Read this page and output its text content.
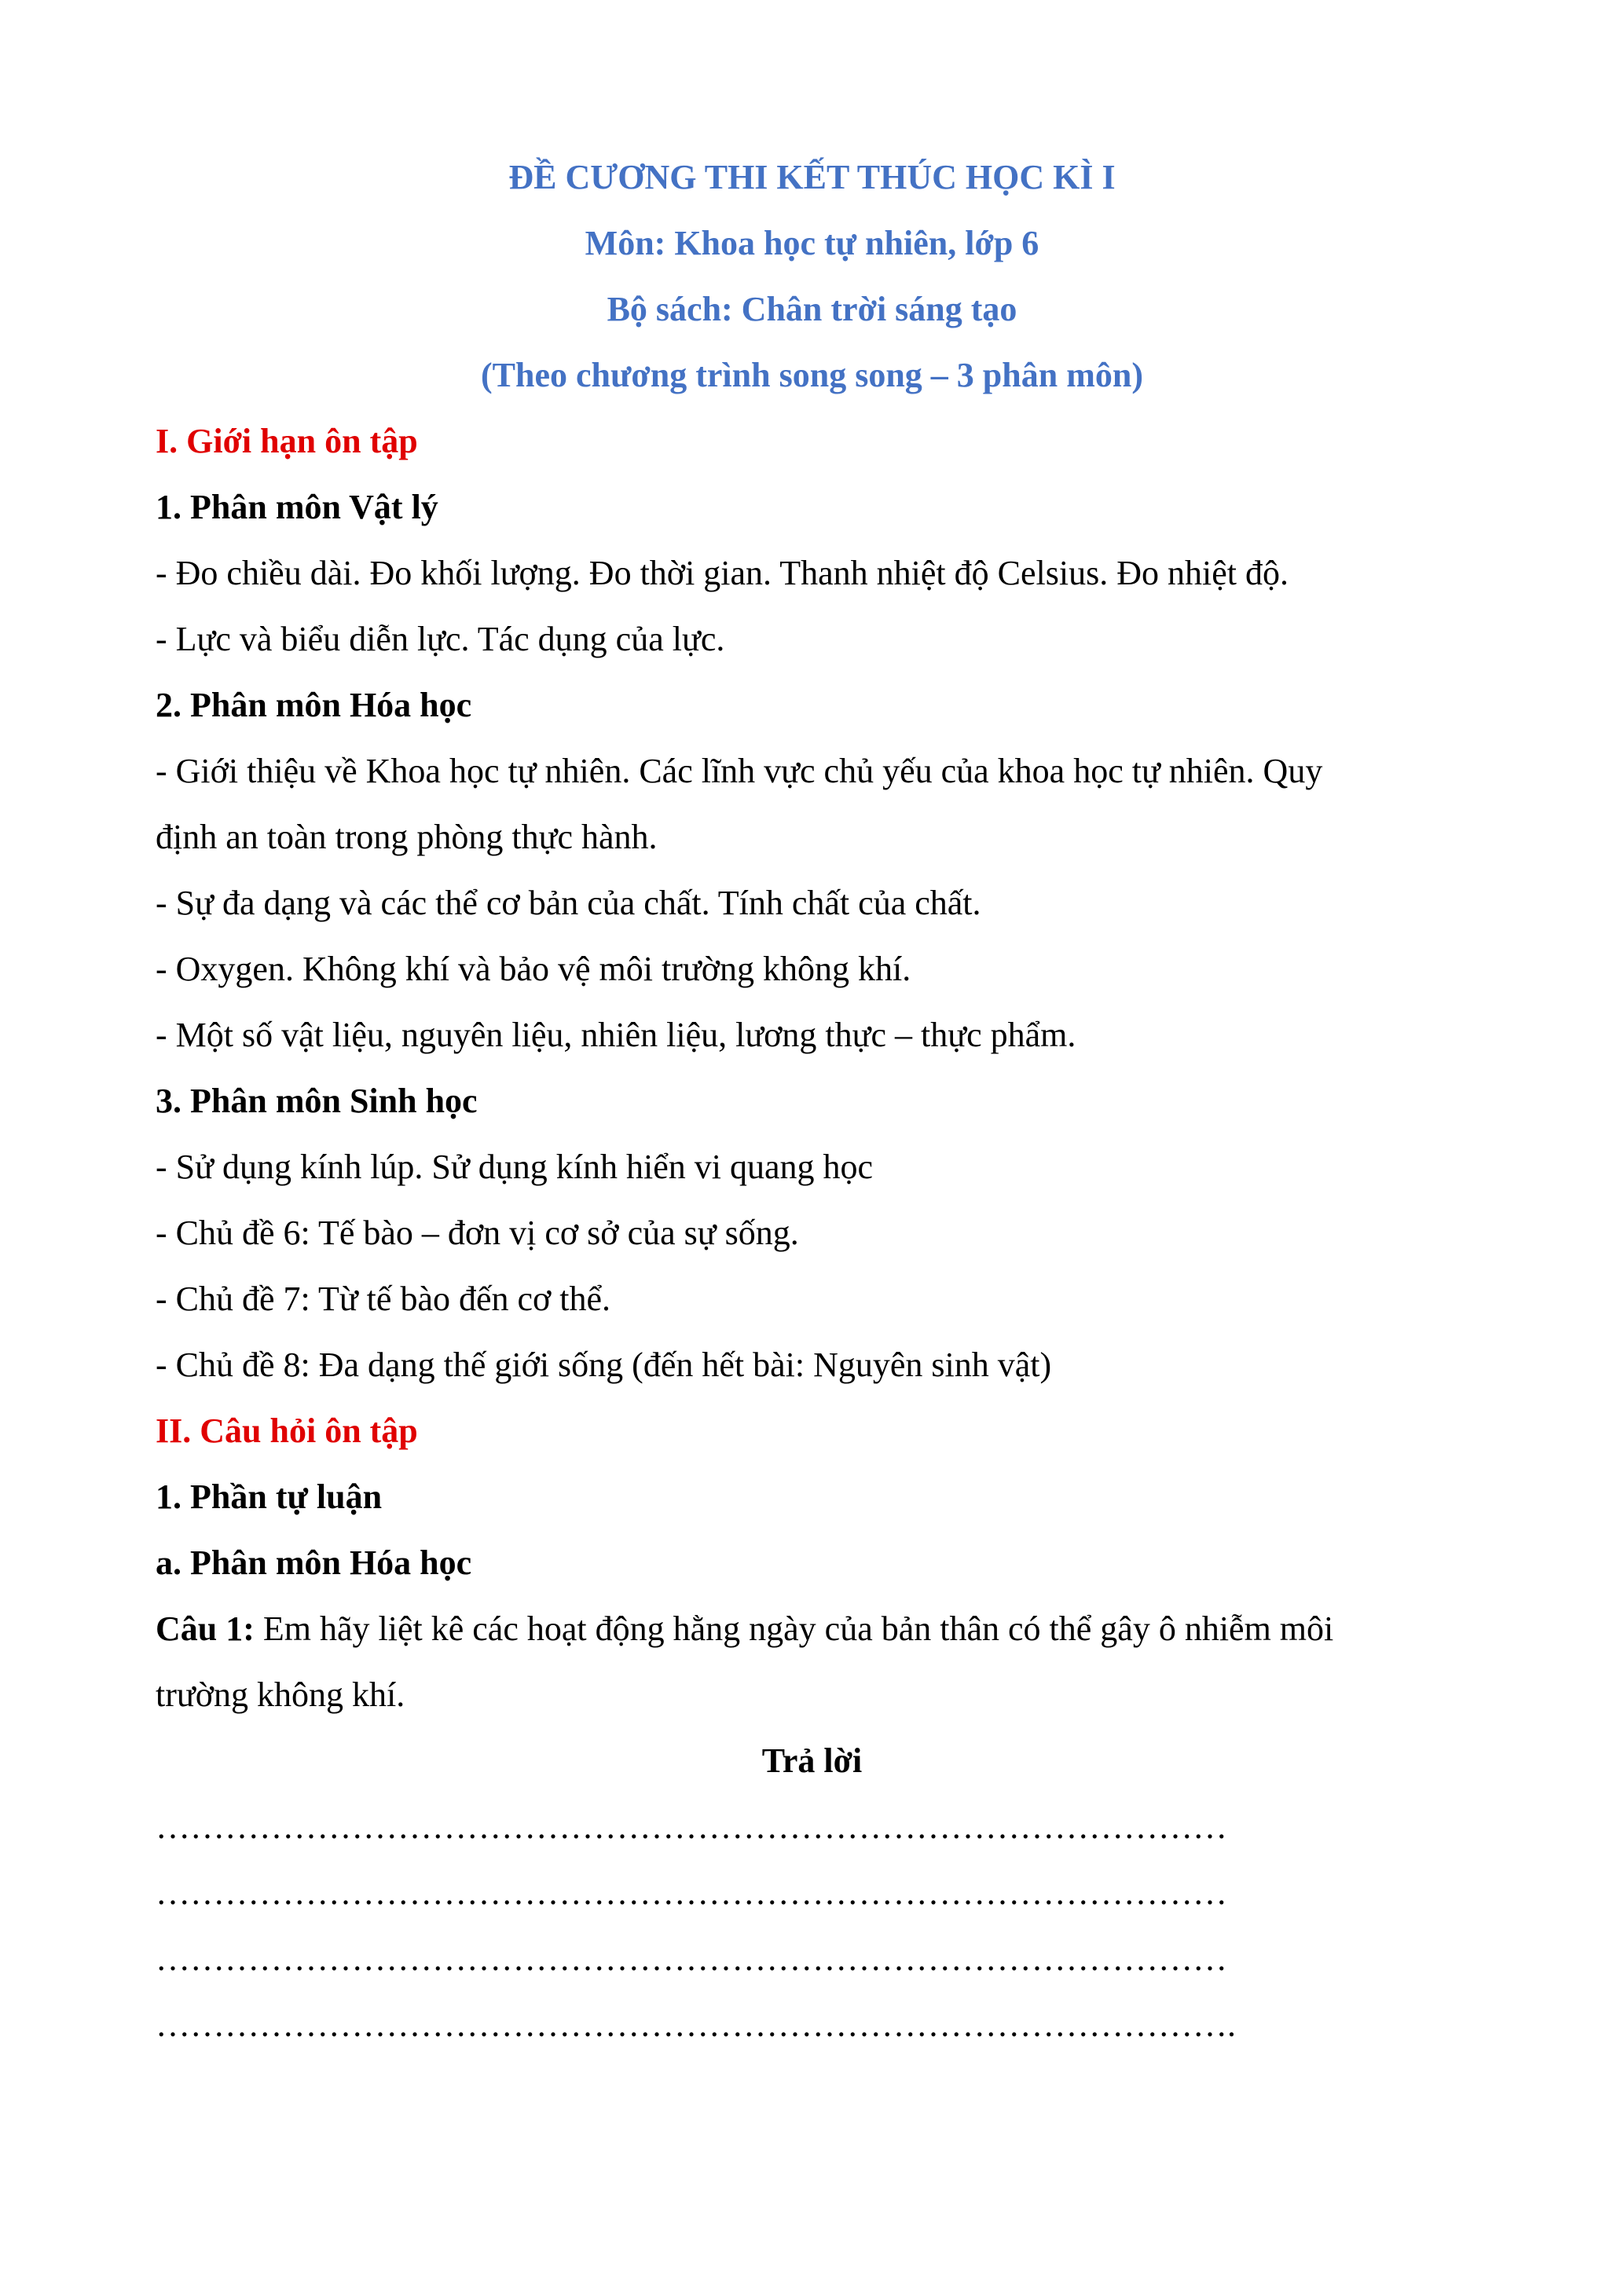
ĐỀ CƯƠNG THI KẾT THÚC HỌC KÌ I
Môn: Khoa học tự nhiên, lớp 6
Bộ sách: Chân trời sáng tạo
(Theo chương trình song song – 3 phân môn)
I. Giới hạn ôn tập
1. Phân môn Vật lý
- Đo chiều dài. Đo khối lượng. Đo thời gian. Thanh nhiệt độ Celsius. Đo nhiệt độ.
- Lực và biểu diễn lực. Tác dụng của lực.
2. Phân môn Hóa học
- Giới thiệu về Khoa học tự nhiên. Các lĩnh vực chủ yếu của khoa học tự nhiên. Quy
định an toàn trong phòng thực hành.
- Sự đa dạng và các thể cơ bản của chất. Tính chất của chất.
- Oxygen. Không khí và bảo vệ môi trường không khí.
- Một số vật liệu, nguyên liệu, nhiên liệu, lương thực – thực phẩm.
3. Phân môn Sinh học
- Sử dụng kính lúp. Sử dụng kính hiển vi quang học
- Chủ đề 6: Tế bào – đơn vị cơ sở của sự sống.
- Chủ đề 7: Từ tế bào đến cơ thể.
- Chủ đề 8: Đa dạng thế giới sống (đến hết bài: Nguyên sinh vật)
II. Câu hỏi ôn tập
1. Phần tự luận
a. Phân môn Hóa học
Câu 1: Em hãy liệt kê các hoạt động hằng ngày của bản thân có thể gây ô nhiễm môi
trường không khí.
Trả lời
…………………………………………………………………………………
…………………………………………………………………………………
…………………………………………………………………………………
………………………………………………………………………………….
